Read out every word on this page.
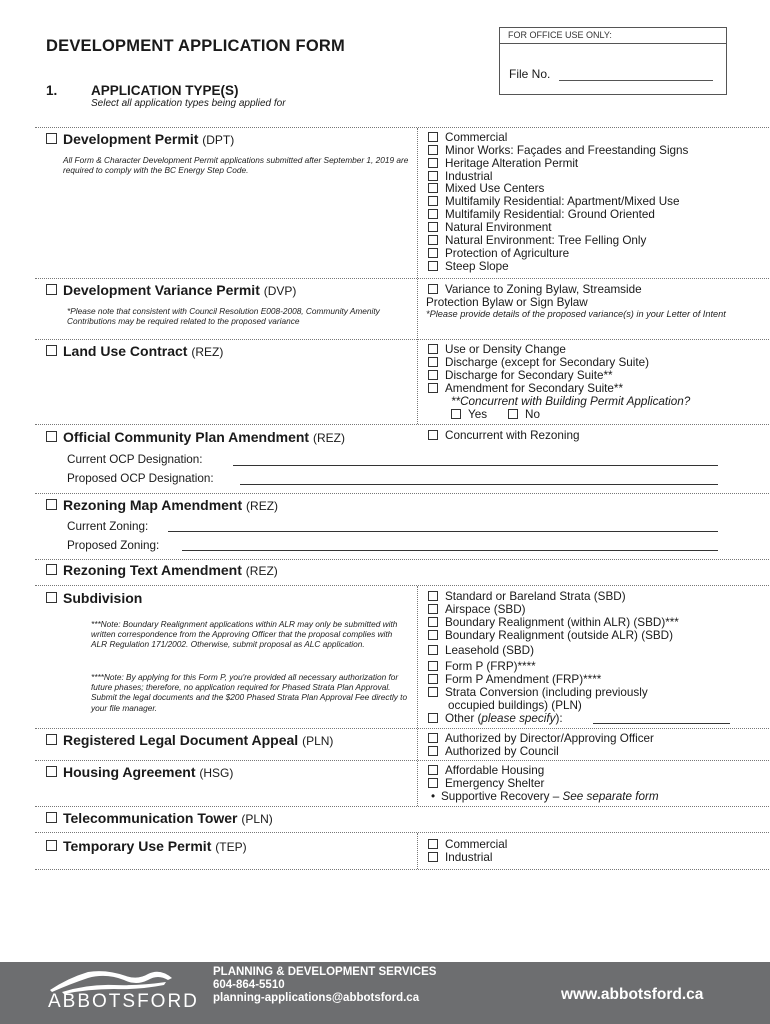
DEVELOPMENT APPLICATION FORM
FOR OFFICE USE ONLY:
File No.
1. APPLICATION TYPE(S)
Select all application types being applied for
Development Permit (DPT)
All Form & Character Development Permit applications submitted after September 1, 2019 are required to comply with the BC Energy Step Code.
Commercial
Minor Works: Façades and Freestanding Signs
Heritage Alteration Permit
Industrial
Mixed Use Centers
Multifamily Residential: Apartment/Mixed Use
Multifamily Residential: Ground Oriented
Natural Environment
Natural Environment: Tree Felling Only
Protection of Agriculture
Steep Slope
Development Variance Permit (DVP)
*Please note that consistent with Council Resolution E008-2008, Community Amenity Contributions may be required related to the proposed variance
Variance to Zoning Bylaw, Streamside
Protection Bylaw or Sign Bylaw
*Please provide details of the proposed variance(s) in your Letter of Intent
Land Use Contract (REZ)	Use or Density Change
Discharge (except for Secondary Suite)
Discharge for Secondary Suite**
Amendment for Secondary Suite**
**Concurrent with Building Permit Application?
Yes	No
Official Community Plan Amendment (REZ)	Concurrent with Rezoning
Current OCP Designation:
Proposed OCP Designation:
Rezoning Map Amendment (REZ)
Current Zoning:
Proposed Zoning:
Rezoning Text Amendment (REZ)
Subdivision
***Note: Boundary Realignment applications within ALR may only be submitted with written correspondence from the Approving Officer that the proposal complies with ALR Regulation 171/2002. Otherwise, submit proposal as ALC application.
****Note: By applying for this Form P, you're provided all necessary authorization for future phases; therefore, no application required for Phased Strata Plan Approval. Submit the legal documents and the $200 Phased Strata Plan Approval Fee directly to your file manager.
Standard or Bareland Strata (SBD)
Airspace (SBD)
Boundary Realignment (within ALR) (SBD)***
Boundary Realignment (outside ALR) (SBD)
Leasehold (SBD)
Form P (FRP)****
Form P Amendment (FRP)****
Strata Conversion (including previously
occupied buildings) (PLN)
Other (please specify):
Registered Legal Document Appeal (PLN)	Authorized by Director/Approving Officer
Authorized by Council
Housing Agreement (HSG)	Affordable Housing
Emergency Shelter
• Supportive Recovery – See separate form
Telecommunication Tower (PLN)
Temporary Use Permit (TEP)	Commercial
Industrial
PLANNING & DEVELOPMENT SERVICES
604-864-5510
planning-applications@abbotsford.ca
ABBOTSFORD	www.abbotsford.ca
